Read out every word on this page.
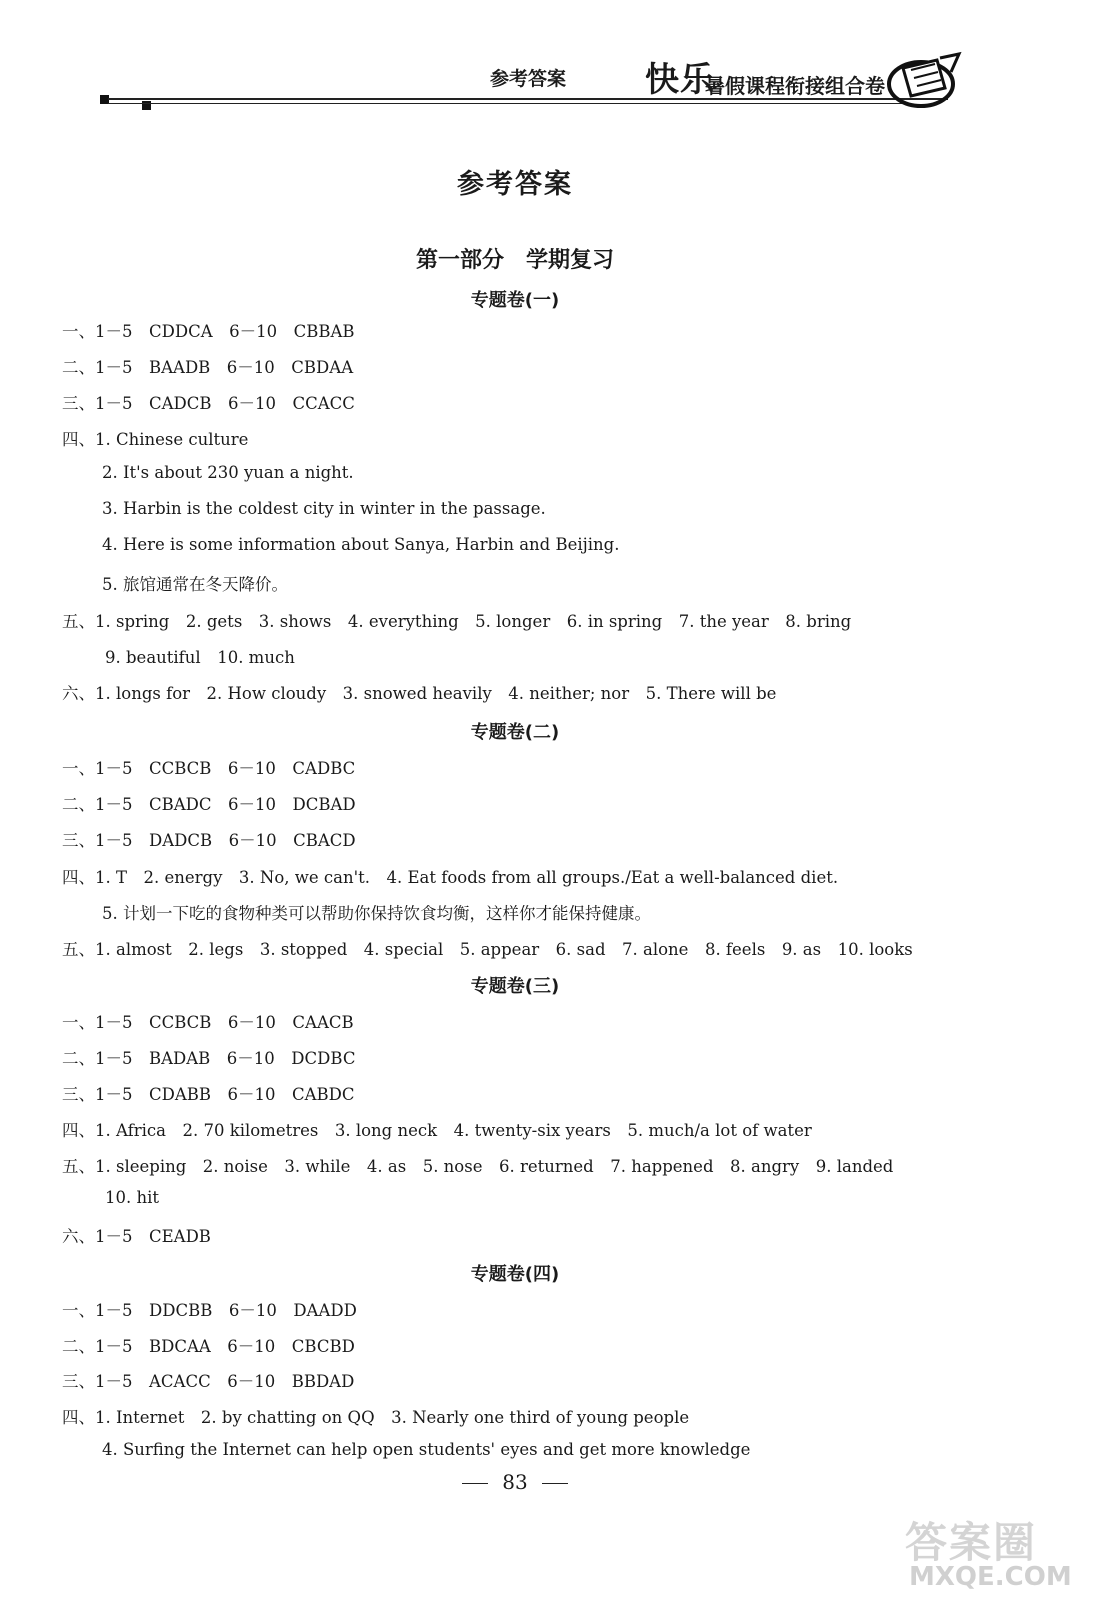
参考答案 快乐
暑假课程衔接组合卷
参考答案
第一部分　学期复习
专题卷(一)
一、1－5　CDDCA　6－10　CBBAB
二、1－5　BAADB　6－10　CBDAA
三、1－5　CADCB　6－10　CCACC
四、1. Chinese culture
2. It's about 230 yuan a night.
3. Harbin is the coldest city in winter in the passage.
4. Here is some information about Sanya, Harbin and Beijing.
5. 旅馆通常在冬天降价。
五、1. spring　2. gets　3. shows　4. everything　5. longer　6. in spring　7. the year　8. bring
9. beautiful　10. much
六、1. longs for　2. How cloudy　3. snowed heavily　4. neither; nor　5. There will be
专题卷(二)
一、1－5　CCBCB　6－10　CADBC
二、1－5　CBADC　6－10　DCBAD
三、1－5　DADCB　6－10　CBACD
四、1. T　2. energy　3. No, we can't.　4. Eat foods from all groups./Eat a well-balanced diet.
5. 计划一下吃的食物种类可以帮助你保持饮食均衡，这样你才能保持健康。
五、1. almost　2. legs　3. stopped　4. special　5. appear　6. sad　7. alone　8. feels　9. as　10. looks
专题卷(三)
一、1－5　CCBCB　6－10　CAACB
二、1－5　BADAB　6－10　DCDBC
三、1－5　CDABB　6－10　CABDC
四、1. Africa　2. 70 kilometres　3. long neck　4. twenty-six years　5. much/a lot of water
五、1. sleeping　2. noise　3. while　4. as　5. nose　6. returned　7. happened　8. angry　9. landed
10. hit
六、1－5　CEADB
专题卷(四)
一、1－5　DDCBB　6－10　DAADD
二、1－5　BDCAA　6－10　CBCBD
三、1－5　ACACC　6－10　BBDAD
四、1. Internet　2. by chatting on QQ　3. Nearly one third of young people
4. Surfing the Internet can help open students' eyes and get more knowledge
83
答案圈
MXQE.COM
